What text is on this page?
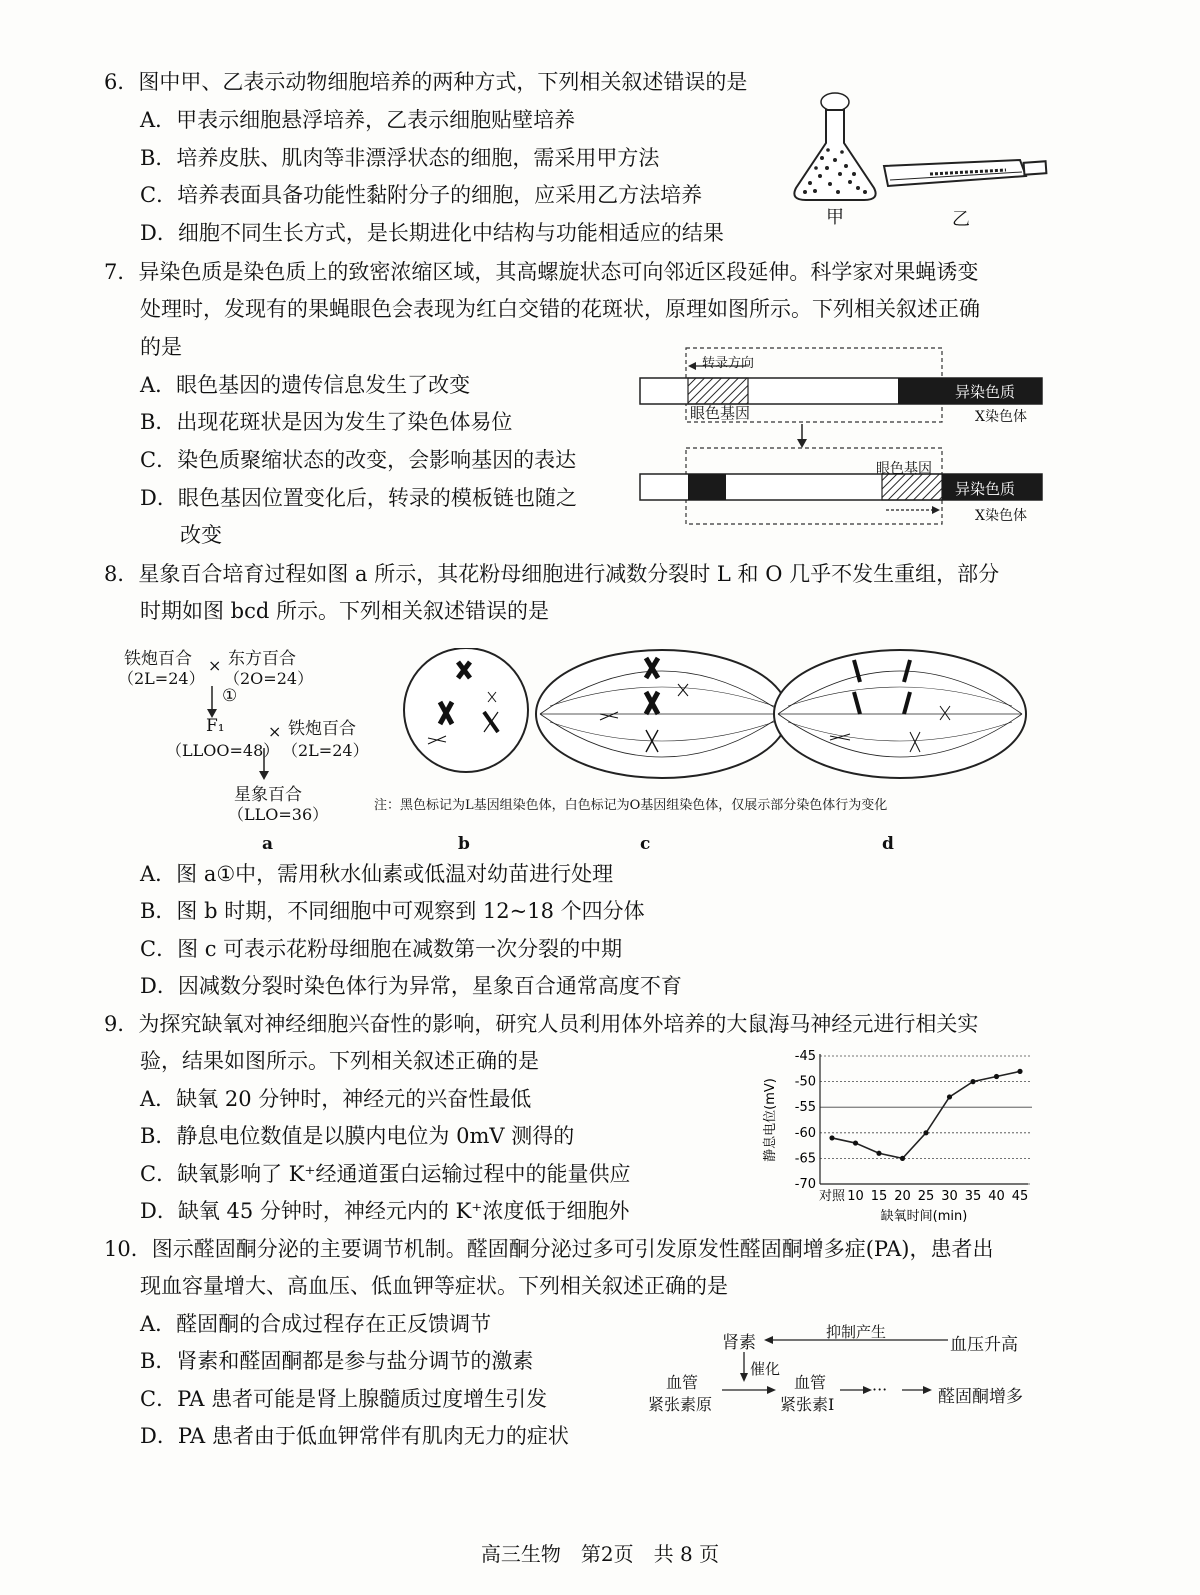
6．图中甲、乙表示动物细胞培养的两种方式，下列相关叙述错误的是
A．甲表示细胞悬浮培养，乙表示细胞贴壁培养
B．培养皮肤、肌肉等非漂浮状态的细胞，需采用甲方法
C．培养表面具备功能性黏附分子的细胞，应采用乙方法培养
D．细胞不同生长方式，是长期进化中结构与功能相适应的结果
甲	乙
7．异染色质是染色质上的致密浓缩区域，其高螺旋状态可向邻近区段延伸。科学家对果蝇诱变
处理时，发现有的果蝇眼色会表现为红白交错的花斑状，原理如图所示。下列相关叙述正确
的是
A．眼色基因的遗传信息发生了改变
B．出现花斑状是因为发生了染色体易位
C．染色质聚缩状态的改变，会影响基因的表达
D．眼色基因位置变化后，转录的模板链也随之
改变
转录方向
眼色基因
异染色质
X染色体
眼色基因
异染色质
X染色体
8．星象百合培育过程如图 a 所示，其花粉母细胞进行减数分裂时 L 和 O 几乎不发生重组，部分
时期如图 bcd 所示。下列相关叙述错误的是
铁炮百合
（2L=24）
× 东方百合
（2O=24）
①
F₁
（LLOO=48）
× 铁炮百合
（2L=24）
星象百合
（LLO=36）	注：黑色标记为L基因组染色体，白色标记为O基因组染色体，仅展示部分染色体行为变化
a	b	c	d
A．图 a①中，需用秋水仙素或低温对幼苗进行处理
B．图 b 时期，不同细胞中可观察到 12~18 个四分体
C．图 c 可表示花粉母细胞在减数第一次分裂的中期
D．因减数分裂时染色体行为异常，星象百合通常高度不育
9．为探究缺氧对神经细胞兴奋性的影响，研究人员利用体外培养的大鼠海马神经元进行相关实
验，结果如图所示。下列相关叙述正确的是
A．缺氧 20 分钟时，神经元的兴奋性最低
B．静息电位数值是以膜内电位为 0mV 测得的
C．缺氧影响了 K⁺经通道蛋白运输过程中的能量供应
D．缺氧 45 分钟时，神经元内的 K⁺浓度低于细胞外
-45
-50
-55
-60
-65
-70
对照 10 15 20 25 30 35 40 45
静息电位(mV)
缺氧时间(min)
10．图示醛固酮分泌的主要调节机制。醛固酮分泌过多可引发原发性醛固酮增多症(PA)，患者出
现血容量增大、高血压、低血钾等症状。下列相关叙述正确的是
A．醛固酮的合成过程存在正反馈调节
B．肾素和醛固酮都是参与盐分调节的激素
C．PA 患者可能是肾上腺髓质过度增生引发
D．PA 患者由于低血钾常伴有肌肉无力的症状
肾素
抑制产生
血压升高
催化
血管
紧张素原
血管
紧张素I
···	醛固酮增多
高三生物　第2页　共 8 页
